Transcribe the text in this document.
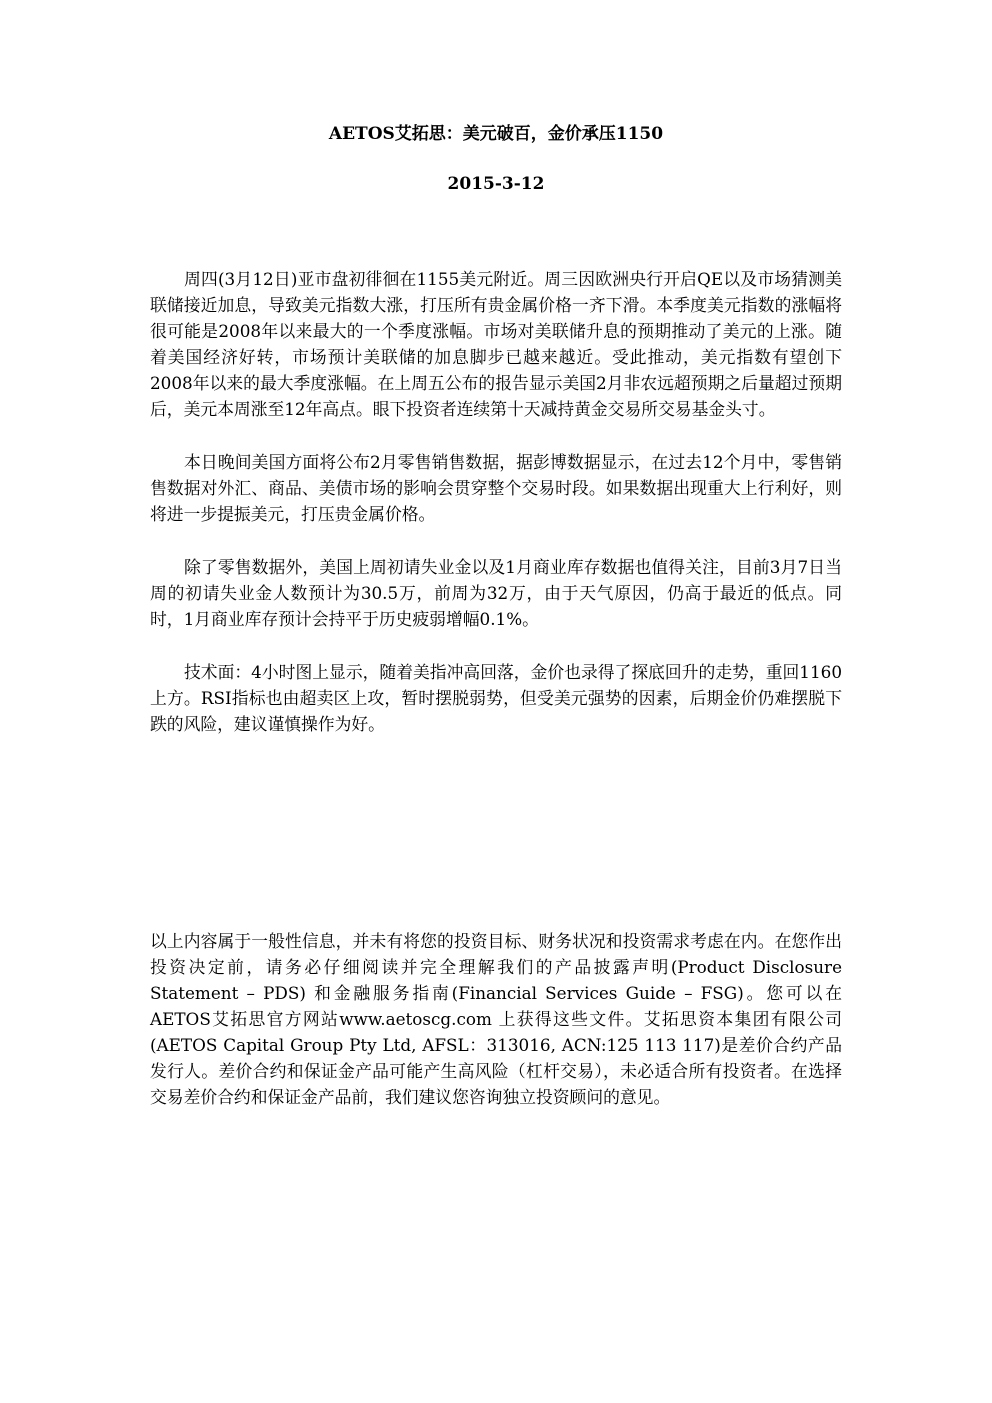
AETOS艾拓思：美元破百，金价承压1150
2015-3-12

周四(3月12日)亚市盘初徘徊在1155美元附近。周三因欧洲央行开启QE以及市场猜测美联储接近加息，导致美元指数大涨，打压所有贵金属价格一齐下滑。本季度美元指数的涨幅将很可能是2008年以来最大的一个季度涨幅。市场对美联储升息的预期推动了美元的上涨。随着美国经济好转，市场预计美联储的加息脚步已越来越近。受此推动，美元指数有望创下2008年以来的最大季度涨幅。在上周五公布的报告显示美国2月非农远超预期之后量超过预期后，美元本周涨至12年高点。眼下投资者连续第十天减持黄金交易所交易基金头寸。

本日晚间美国方面将公布2月零售销售数据，据彭博数据显示，在过去12个月中，零售销售数据对外汇、商品、美债市场的影响会贯穿整个交易时段。如果数据出现重大上行利好，则将进一步提振美元，打压贵金属价格。

除了零售数据外，美国上周初请失业金以及1月商业库存数据也值得关注，目前3月7日当周的初请失业金人数预计为30.5万，前周为32万，由于天气原因，仍高于最近的低点。同时，1月商业库存预计会持平于历史疲弱增幅0.1%。

技术面：4小时图上显示，随着美指冲高回落，金价也录得了探底回升的走势，重回1160上方。RSI指标也由超卖区上攻，暂时摆脱弱势，但受美元强势的因素，后期金价仍难摆脱下跌的风险，建议谨慎操作为好。

以上内容属于一般性信息，并未有将您的投资目标、财务状况和投资需求考虑在内。在您作出投资决定前，请务必仔细阅读并完全理解我们的产品披露声明(Product Disclosure Statement – PDS) 和金融服务指南(Financial Services Guide – FSG)。您可以在AETOS艾拓思官方网站www.aetoscg.com 上获得这些文件。艾拓思资本集团有限公司(AETOS Capital Group Pty Ltd, AFSL：313016, ACN:125 113 117)是差价合约产品发行人。差价合约和保证金产品可能产生高风险（杠杆交易），未必适合所有投资者。在选择交易差价合约和保证金产品前，我们建议您咨询独立投资顾问的意见。
